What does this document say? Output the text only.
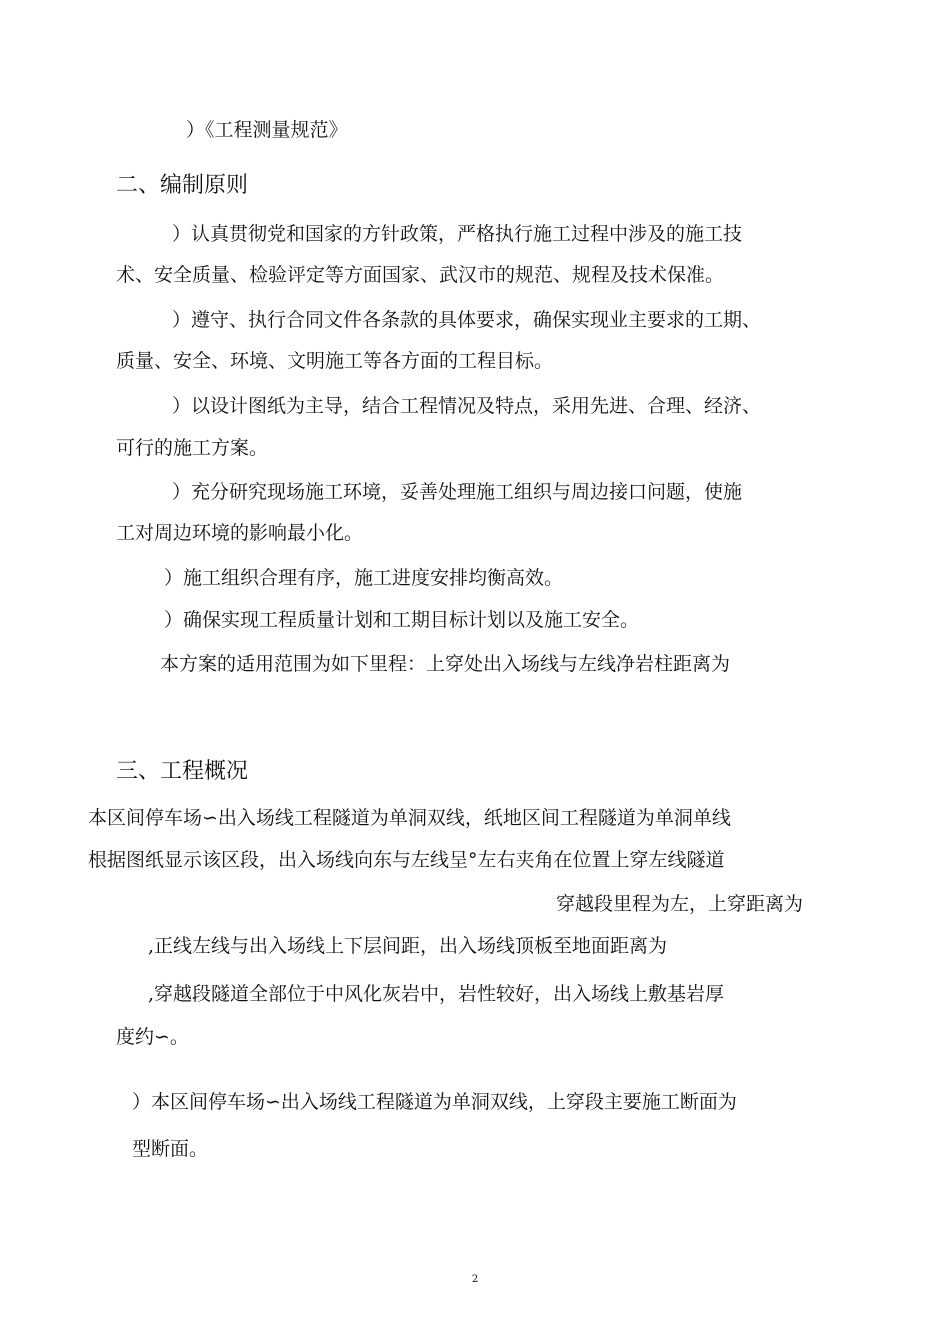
）《工程测量规范》
二、编制原则
）认真贯彻党和国家的方针政策，严格执行施工过程中涉及的施工技
术、安全质量、检验评定等方面国家、武汉市的规范、规程及技术保准。
）遵守、执行合同文件各条款的具体要求，确保实现业主要求的工期、
质量、安全、环境、文明施工等各方面的工程目标。
）以设计图纸为主导，结合工程情况及特点，采用先进、合理、经济、
可行的施工方案。
）充分研究现场施工环境，妥善处理施工组织与周边接口问题，使施
工对周边环境的影响最小化。
）施工组织合理有序，施工进度安排均衡高效。
）确保实现工程质量计划和工期目标计划以及施工安全。
本方案的适用范围为如下里程：上穿处出入场线与左线净岩柱距离为
三、工程概况
本区间停车场∽出入场线工程隧道为单洞双线，纸地区间工程隧道为单洞单线
根据图纸显示该区段，出入场线向东与左线呈°左右夹角在位置上穿左线隧道
穿越段里程为左，上穿距离为
,正线左线与出入场线上下层间距，出入场线顶板至地面距离为
,穿越段隧道全部位于中风化灰岩中，岩性较好，出入场线上敷基岩厚
度约∽。
）本区间停车场∽出入场线工程隧道为单洞双线，上穿段主要施工断面为
型断面。
2
